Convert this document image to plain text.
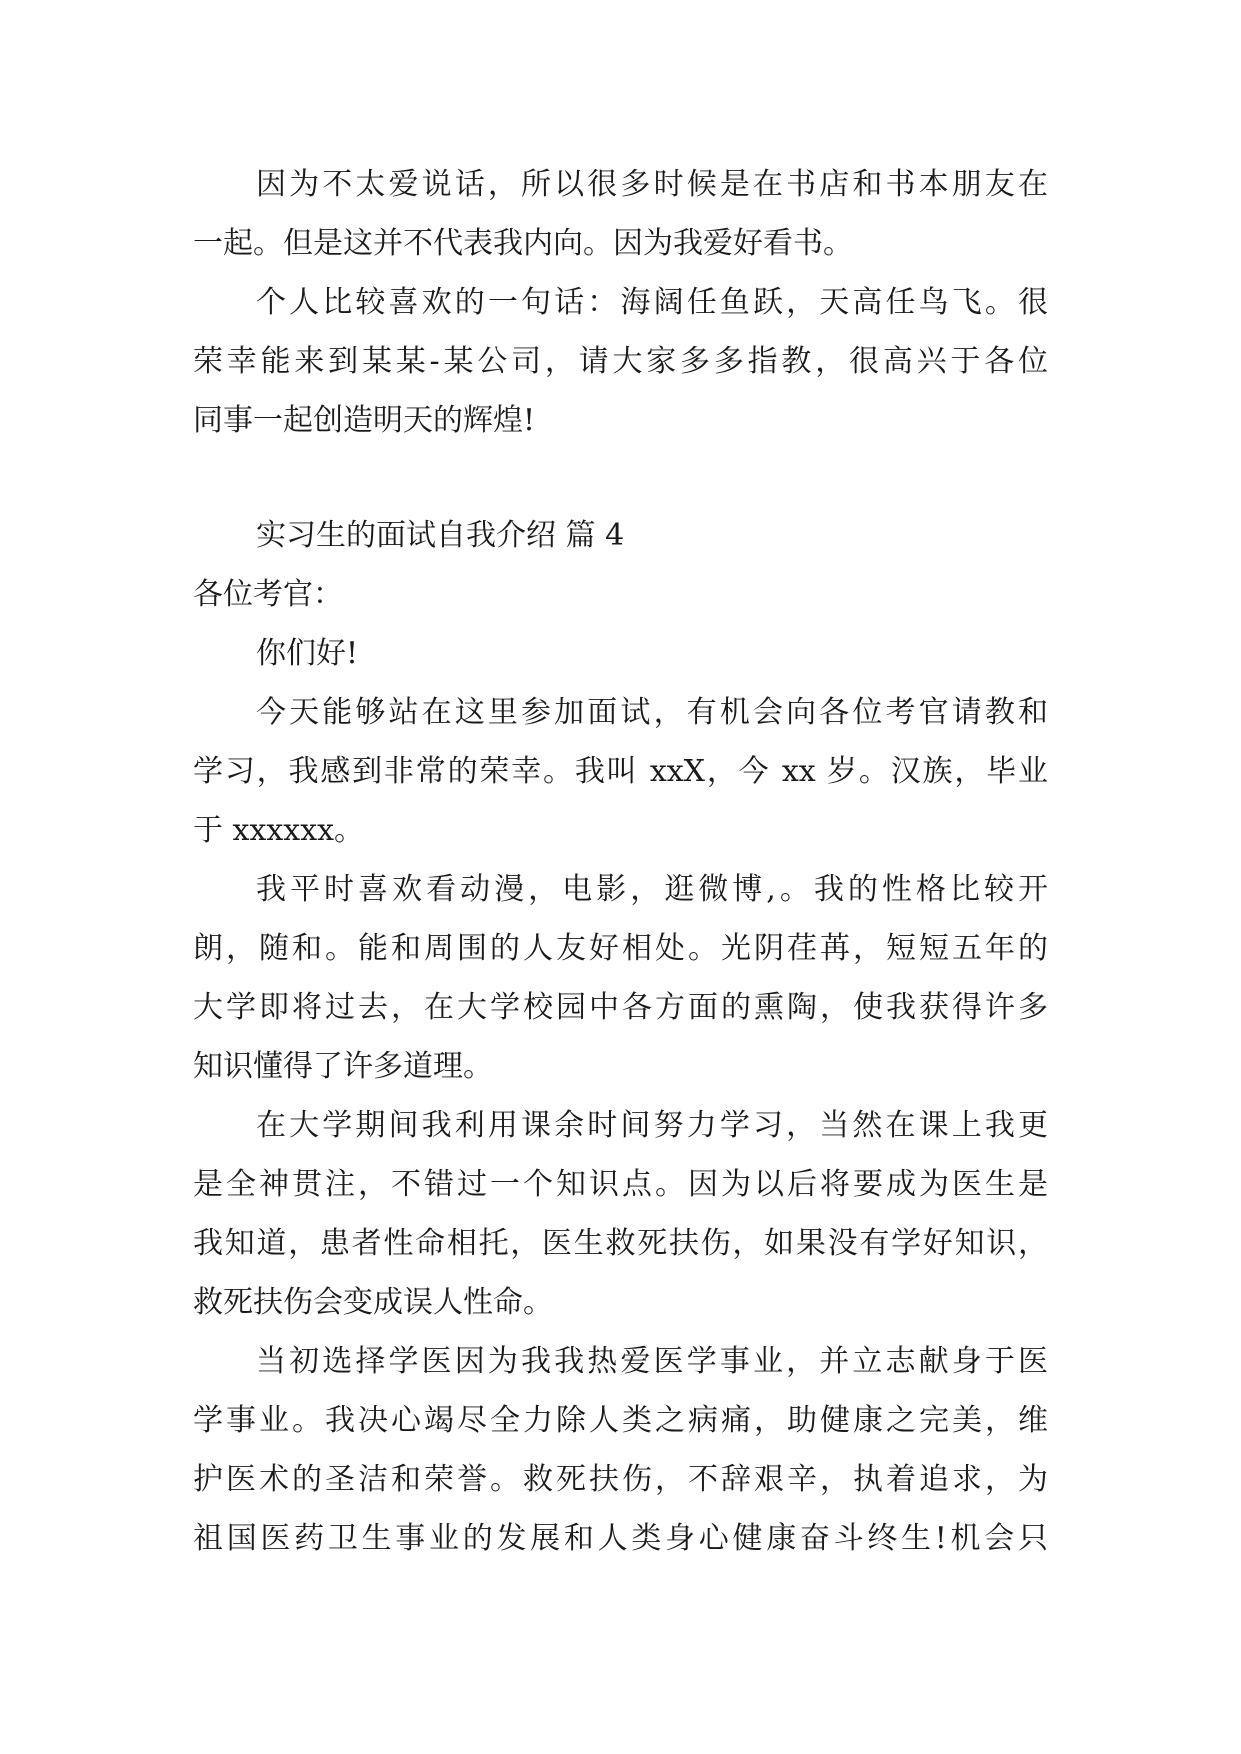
因为不太爱说话，所以很多时候是在书店和书本朋友在
一起。但是这并不代表我内向。因为我爱好看书。
个人比较喜欢的一句话：海阔任鱼跃，天高任鸟飞。很
荣幸能来到某某-某公司，请大家多多指教，很高兴于各位
同事一起创造明天的辉煌!
实习生的面试自我介绍 篇 4
各位考官：
你们好!
今天能够站在这里参加面试，有机会向各位考官请教和
学习，我感到非常的荣幸。我叫 xxX，今 xx 岁。汉族，毕业
于 xxxxxx。
我平时喜欢看动漫，电影，逛微博,。我的性格比较开
朗，随和。能和周围的人友好相处。光阴荏苒，短短五年的
大学即将过去，在大学校园中各方面的熏陶，使我获得许多
知识懂得了许多道理。
在大学期间我利用课余时间努力学习，当然在课上我更
是全神贯注，不错过一个知识点。因为以后将要成为医生是
我知道，患者性命相托，医生救死扶伤，如果没有学好知识，
救死扶伤会变成误人性命。
当初选择学医因为我我热爱医学事业，并立志献身于医
学事业。我决心竭尽全力除人类之病痛，助健康之完美，维
护医术的圣洁和荣誉。救死扶伤，不辞艰辛，执着追求，为
祖国医药卫生事业的发展和人类身心健康奋斗终生!机会只
